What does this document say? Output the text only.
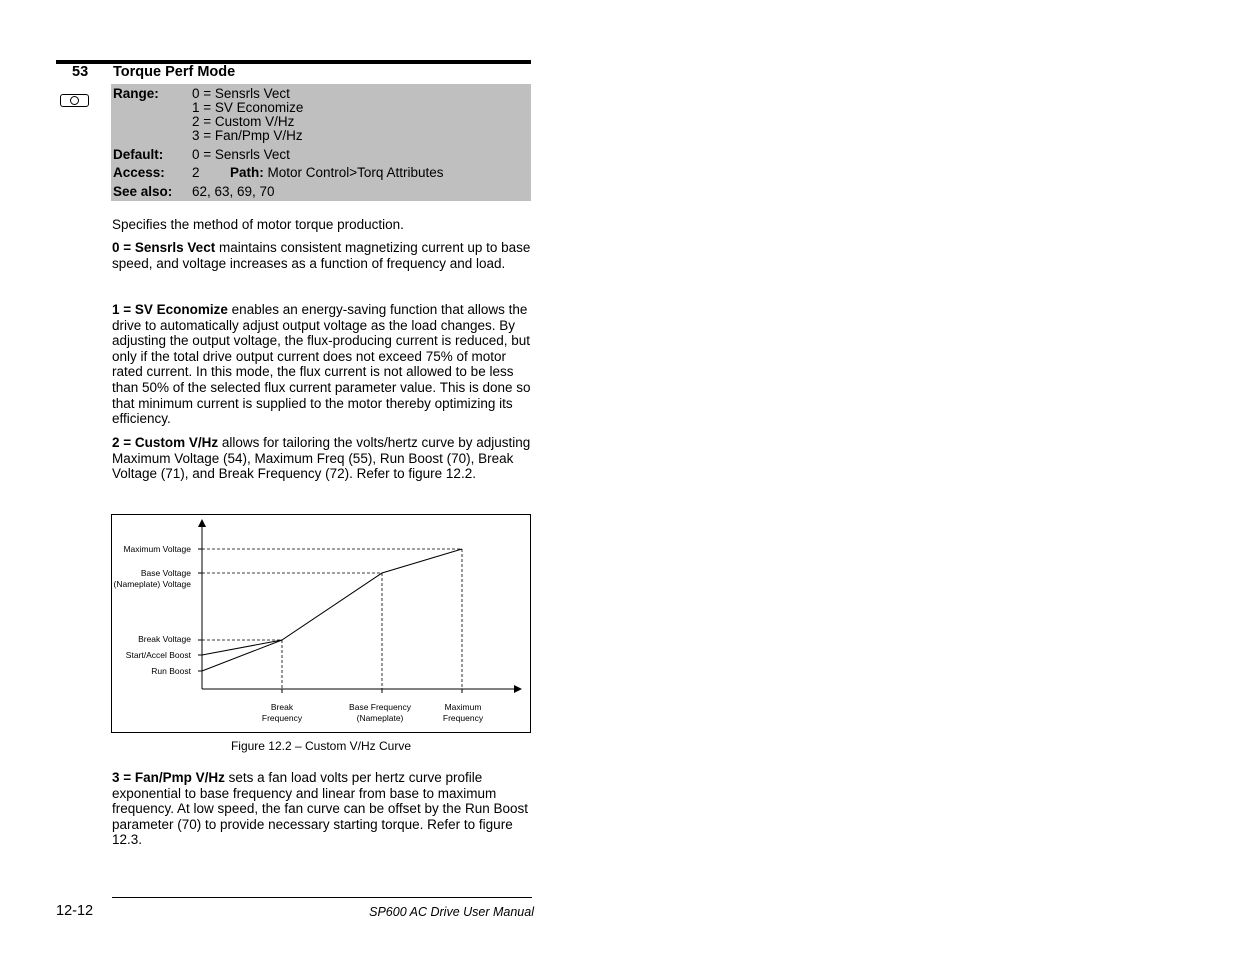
53 Torque Perf Mode
Range: 0 = Sensrls Vect
1 = SV Economize
2 = Custom V/Hz
3 = Fan/Pmp V/Hz
Default: 0 = Sensrls Vect
Access: 2 Path: Motor Control>Torq Attributes
See also: 62, 63, 69, 70
Specifies the method of motor torque production.
0 = Sensrls Vect maintains consistent magnetizing current up to base speed, and voltage increases as a function of frequency and load.
1 = SV Economize enables an energy-saving function that allows the drive to automatically adjust output voltage as the load changes. By adjusting the output voltage, the flux-producing current is reduced, but only if the total drive output current does not exceed 75% of motor rated current. In this mode, the flux current is not allowed to be less than 50% of the selected flux current parameter value. This is done so that minimum current is supplied to the motor thereby optimizing its efficiency.
2 = Custom V/Hz allows for tailoring the volts/hertz curve by adjusting Maximum Voltage (54), Maximum Freq (55), Run Boost (70), Break Voltage (71), and Break Frequency (72). Refer to figure 12.2.
Maximum Voltage
Base Voltage
(Nameplate) Voltage
Break Voltage
Start/Accel Boost
Run Boost
Break
Frequency
Base Frequency
(Nameplate)
Maximum
Frequency
Figure 12.2 – Custom V/Hz Curve
3 = Fan/Pmp V/Hz sets a fan load volts per hertz curve profile exponential to base frequency and linear from base to maximum frequency. At low speed, the fan curve can be offset by the Run Boost parameter (70) to provide necessary starting torque. Refer to figure 12.3.
12-12	SP600 AC Drive User Manual
